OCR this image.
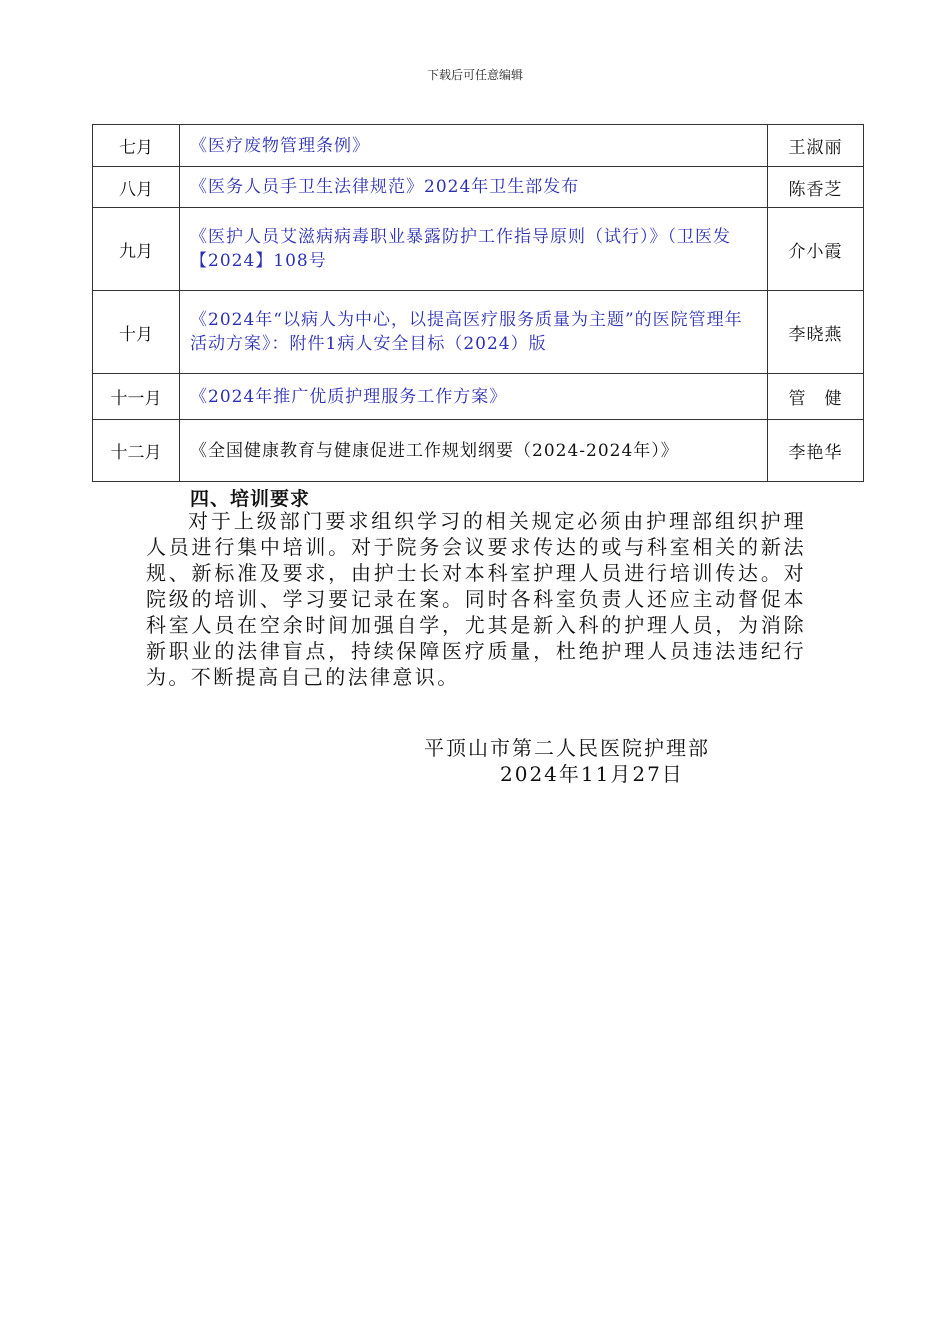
下载后可任意编辑
七月	《医疗废物管理条例》	王淑丽
八月	《医务人员手卫生法律规范》2024年卫生部发布	陈香芝
九月	《医护人员艾滋病病毒职业暴露防护工作指导原则（试行）》（卫医发【2024】108号	介小霞
十月	《2024年“以病人为中心，以提高医疗服务质量为主题”的医院管理年活动方案》：附件1病人安全目标（2024）版	李晓燕
十一月	《2024年推广优质护理服务工作方案》	管　健
十二月	《全国健康教育与健康促进工作规划纲要（2024-2024年）》	李艳华
四、培训要求
对于上级部门要求组织学习的相关规定必须由护理部组织护理人员进行集中培训。对于院务会议要求传达的或与科室相关的新法规、新标准及要求，由护士长对本科室护理人员进行培训传达。对院级的培训、学习要记录在案。同时各科室负责人还应主动督促本科室人员在空余时间加强自学，尤其是新入科的护理人员，为消除新职业的法律盲点，持续保障医疗质量，杜绝护理人员违法违纪行为。不断提高自己的法律意识。
平顶山市第二人民医院护理部
2024年11月27日
